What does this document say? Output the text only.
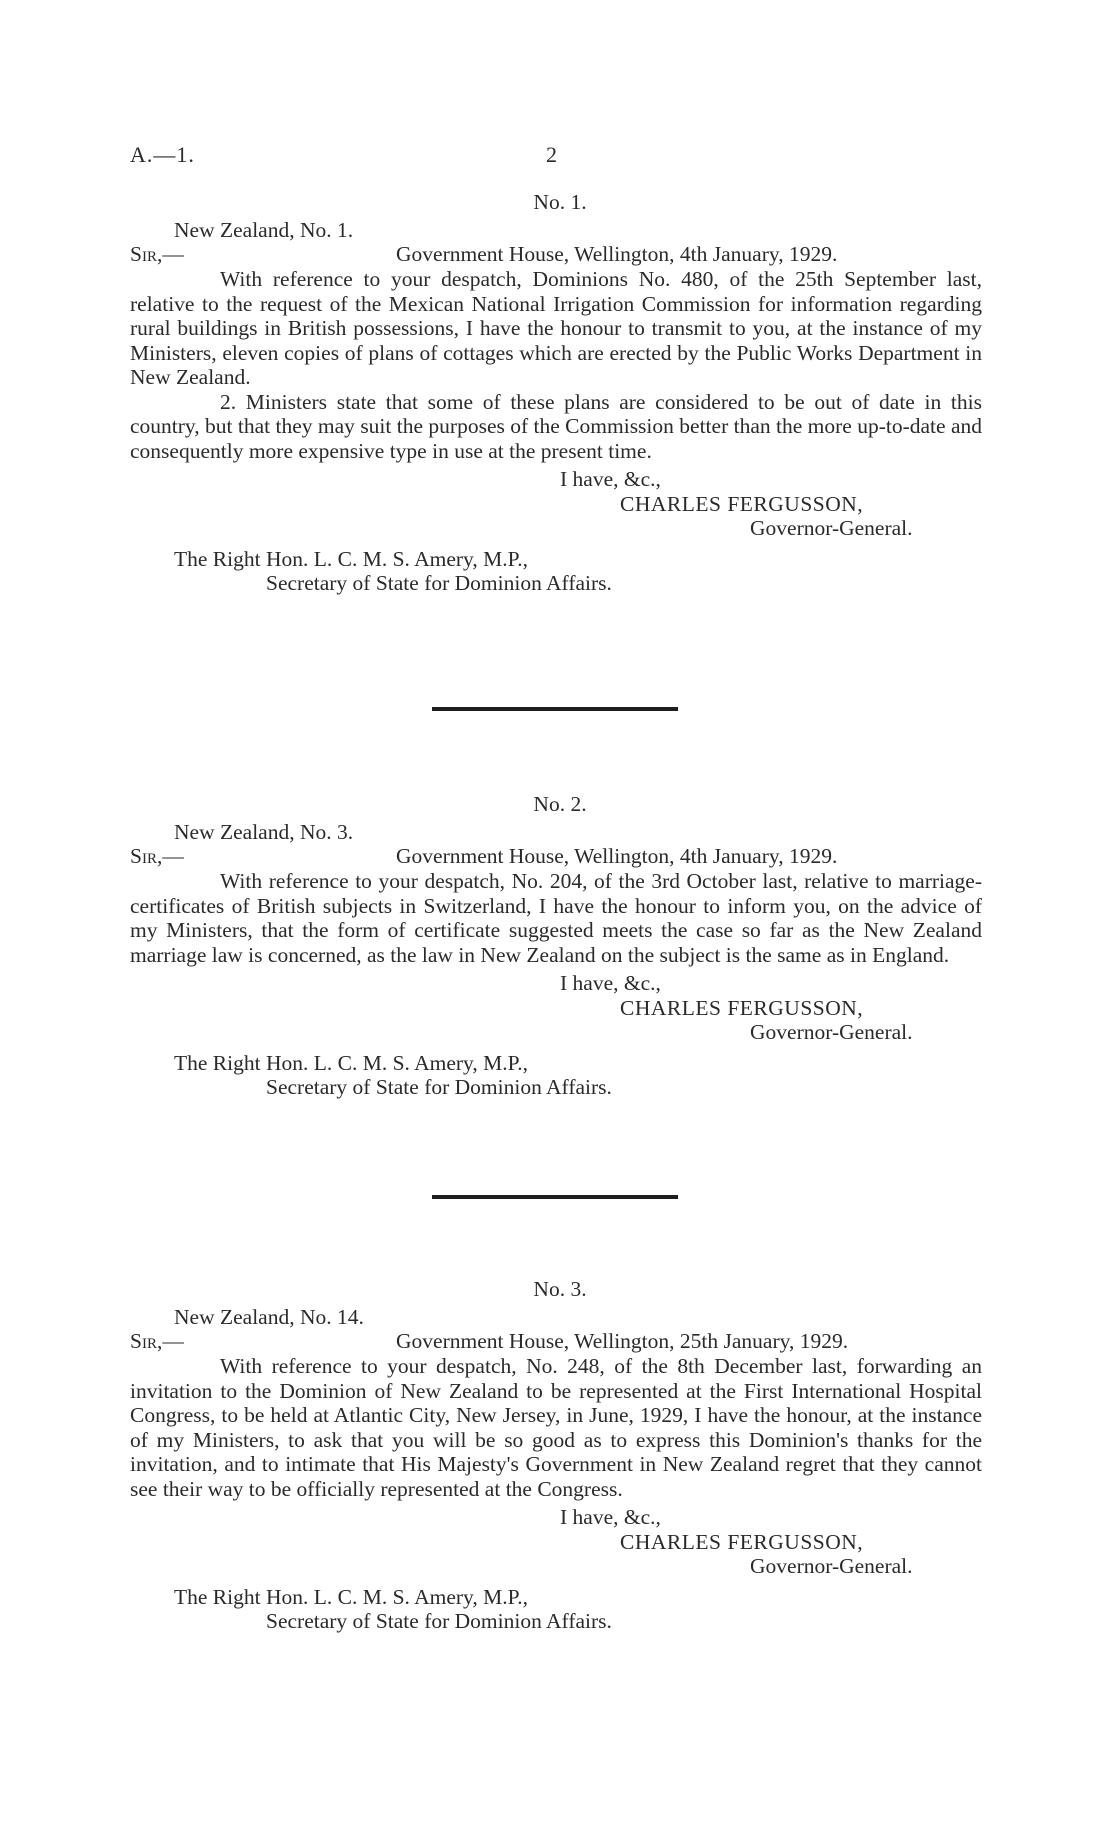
A.—1.	2
No. 1.
New Zealand, No. 1.
Sir,—	Government House, Wellington, 4th January, 1929.

With reference to your despatch, Dominions No. 480, of the 25th September last, relative to the request of the Mexican National Irrigation Commission for information regarding rural buildings in British possessions, I have the honour to transmit to you, at the instance of my Ministers, eleven copies of plans of cottages which are erected by the Public Works Department in New Zealand.

2. Ministers state that some of these plans are considered to be out of date in this country, but that they may suit the purposes of the Commission better than the more up-to-date and consequently more expensive type in use at the present time.

I have, &c.,
CHARLES FERGUSSON,
Governor-General.
The Right Hon. L. C. M. S. Amery, M.P.,
Secretary of State for Dominion Affairs.
No. 2.
New Zealand, No. 3.
Sir,—	Government House, Wellington, 4th January, 1929.

With reference to your despatch, No. 204, of the 3rd October last, relative to marriage-certificates of British subjects in Switzerland, I have the honour to inform you, on the advice of my Ministers, that the form of certificate suggested meets the case so far as the New Zealand marriage law is concerned, as the law in New Zealand on the subject is the same as in England.

I have, &c.,
CHARLES FERGUSSON,
Governor-General.
The Right Hon. L. C. M. S. Amery, M.P.,
Secretary of State for Dominion Affairs.
No. 3.
New Zealand, No. 14.
Sir,—	Government House, Wellington, 25th January, 1929.

With reference to your despatch, No. 248, of the 8th December last, forwarding an invitation to the Dominion of New Zealand to be represented at the First International Hospital Congress, to be held at Atlantic City, New Jersey, in June, 1929, I have the honour, at the instance of my Ministers, to ask that you will be so good as to express this Dominion's thanks for the invitation, and to intimate that His Majesty's Government in New Zealand regret that they cannot see their way to be officially represented at the Congress.

I have, &c.,
CHARLES FERGUSSON,
Governor-General.
The Right Hon. L. C. M. S. Amery, M.P.,
Secretary of State for Dominion Affairs.
